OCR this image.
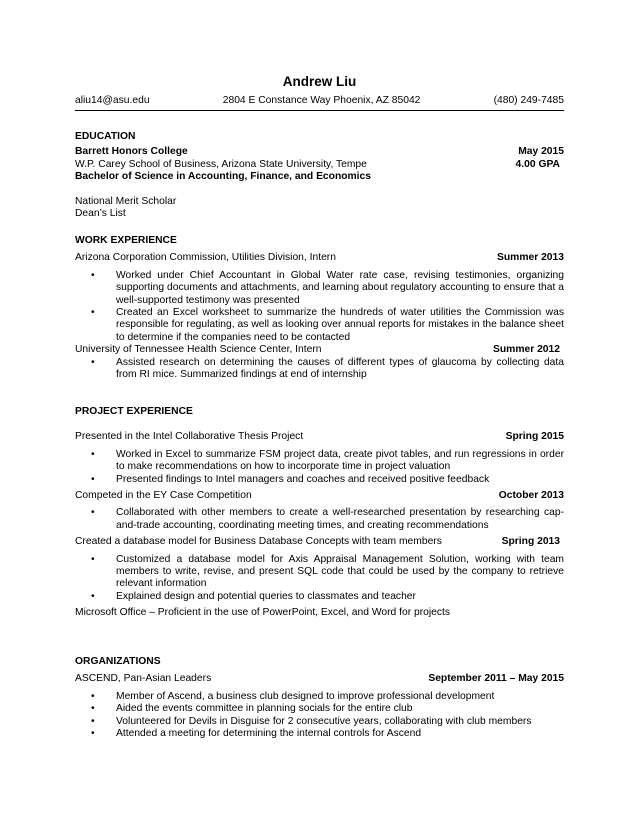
Andrew Liu
aliu14@asu.edu	2804 E Constance Way Phoenix, AZ 85042	(480) 249-7485
EDUCATION
Barrett Honors College	May 2015
W.P. Carey School of Business, Arizona State University, Tempe	4.00 GPA
Bachelor of Science in Accounting, Finance, and Economics
National Merit Scholar
Dean’s List
WORK EXPERIENCE
Arizona Corporation Commission, Utilities Division, Intern	Summer 2013
• Worked under Chief Accountant in Global Water rate case, revising testimonies, organizing supporting documents and attachments, and learning about regulatory accounting to ensure that a well-supported testimony was presented
• Created an Excel worksheet to summarize the hundreds of water utilities the Commission was responsible for regulating, as well as looking over annual reports for mistakes in the balance sheet to determine if the companies need to be contacted
University of Tennessee Health Science Center, Intern	Summer 2012
• Assisted research on determining the causes of different types of glaucoma by collecting data from RI mice. Summarized findings at end of internship
PROJECT EXPERIENCE
Presented in the Intel Collaborative Thesis Project	Spring 2015
• Worked in Excel to summarize FSM project data, create pivot tables, and run regressions in order to make recommendations on how to incorporate time in project valuation
• Presented findings to Intel managers and coaches and received positive feedback
Competed in the EY Case Competition	October 2013
• Collaborated with other members to create a well-researched presentation by researching cap-and-trade accounting, coordinating meeting times, and creating recommendations
Created a database model for Business Database Concepts with team members	Spring 2013
• Customized a database model for Axis Appraisal Management Solution, working with team members to write, revise, and present SQL code that could be used by the company to retrieve relevant information
• Explained design and potential queries to classmates and teacher
Microsoft Office – Proficient in the use of PowerPoint, Excel, and Word for projects
ORGANIZATIONS
ASCEND, Pan-Asian Leaders	September 2011 – May 2015
• Member of Ascend, a business club designed to improve professional development
• Aided the events committee in planning socials for the entire club
• Volunteered for Devils in Disguise for 2 consecutive years, collaborating with club members
• Attended a meeting for determining the internal controls for Ascend
